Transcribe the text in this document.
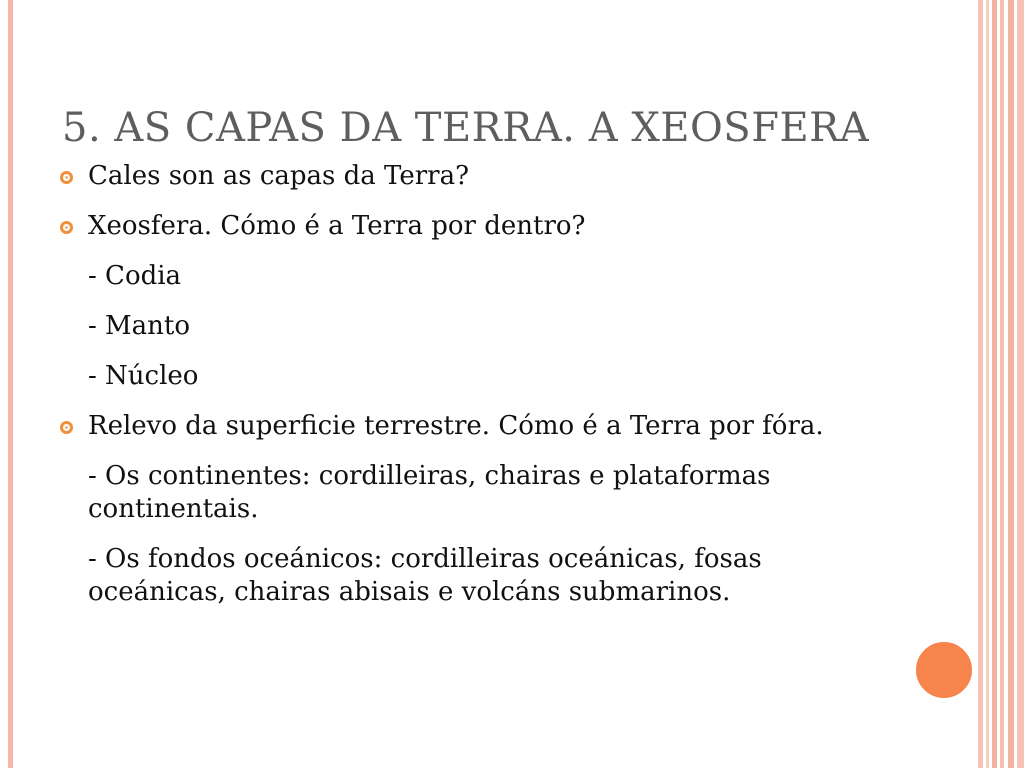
5. AS CAPAS DA TERRA. A XEOSFERA
Cales son as capas da Terra?
Xeosfera. Cómo é a Terra por dentro?
- Codia
- Manto
- Núcleo
Relevo da superficie terrestre. Cómo é a Terra por fóra.
- Os continentes: cordilleiras, chairas e plataformas continentais.
- Os fondos oceánicos: cordilleiras oceánicas, fosas oceánicas, chairas abisais e volcáns submarinos.
